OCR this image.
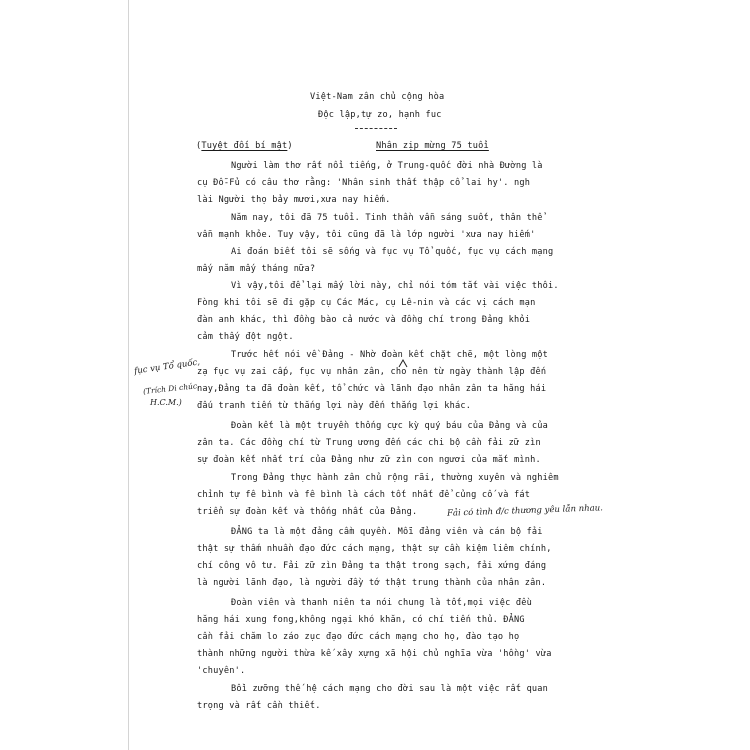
Việt-Nam zân chủ cộng hòa
Độc lập,tự zo, hạnh fuc
(Tuyệt đối bí mật)	Nhân zịp mừng 75 tuổi
Người làm thơ rất nổi tiếng, ở Trung-quốc đời nhà Đường là
cụ Đỗ-Fủ có câu thơ rằng: 'Nhân sinh thất thập cổ lai hy'. ngh
lài Người thọ bảy mươi,xưa nay hiếm.
Năm nay, tôi đã 75 tuổi. Tinh thần vẫn sáng suốt, thân thể
vẫn mạnh khỏe. Tuy vậy, tôi cũng đã là lớp người 'xưa nay hiếm'
Ai đoán biết tôi sẽ sống và fục vụ Tổ quốc, fục vụ cách mạng
mấy năm mấy tháng nữa?
Vì vậy,tôi để lại mấy lời này, chỉ nói tóm tắt vài việc thôi.
Fòng khi tôi sẽ đi gặp cụ Các Mác, cụ Lê-nin và các vị cách mạn
đàn anh khác, thì đồng bào cả nước và đồng chí trong Đảng khỏi
cảm thấy đột ngột.
Trước hết nói về Đảng - Nhờ đoàn kết chặt chẽ, một lòng một
zạ fục vụ zai cấp, fục vụ nhân zân, cho nên từ ngày thành lập đến
nay,Đảng ta đã đoàn kết, tổ chức và lãnh đạo nhân zân ta hăng hái
đấu tranh tiến từ thắng lợi này đến thắng lợi khác.
Đoàn kết là một truyền thống cực kỳ quý báu của Đảng và của
zân ta. Các đồng chí từ Trung ương đến các chi bộ cần fải zữ zìn
sự đoàn kết nhất trí của Đảng như zữ zìn con ngươi của mắt mình.
Trong Đảng thực hành zân chủ rộng rãi, thường xuyên và nghiêm
chỉnh tự fê bình và fê bình là cách tốt nhất để củng cố và fát
triển sự đoàn kết và thống nhất của Đảng.
ĐẢNG ta là một đảng cầm quyền. Mỗi đảng viên và cán bộ fải
thật sự thấm nhuần đạo đức cách mạng, thật sự cần kiệm liêm chính,
chí công vô tư. Fải zữ zìn Đảng ta thật trong sạch, fải xứng đáng
là người lãnh đạo, là người đầy tớ thật trung thành của nhân zân.
Đoàn viên và thanh niên ta nói chung là tốt,mọi việc đều
hăng hái xung fong,không ngại khó khăn, có chí tiến thủ. ĐẢNG
cần fải chăm lo záo zục đạo đức cách mạng cho họ, đào tạo họ
thành những người thừa kế xây xựng xã hội chủ nghĩa vừa 'hồng' vừa
'chuyên'.
Bồi zưỡng thế hệ cách mạng cho đời sau là một việc rất quan
trọng và rất cần thiết.
fục vụ Tổ quốc,
(Trích Di chúc,
H.C.M.)
Fải có tình đ/c thương yêu lẫn nhau.
